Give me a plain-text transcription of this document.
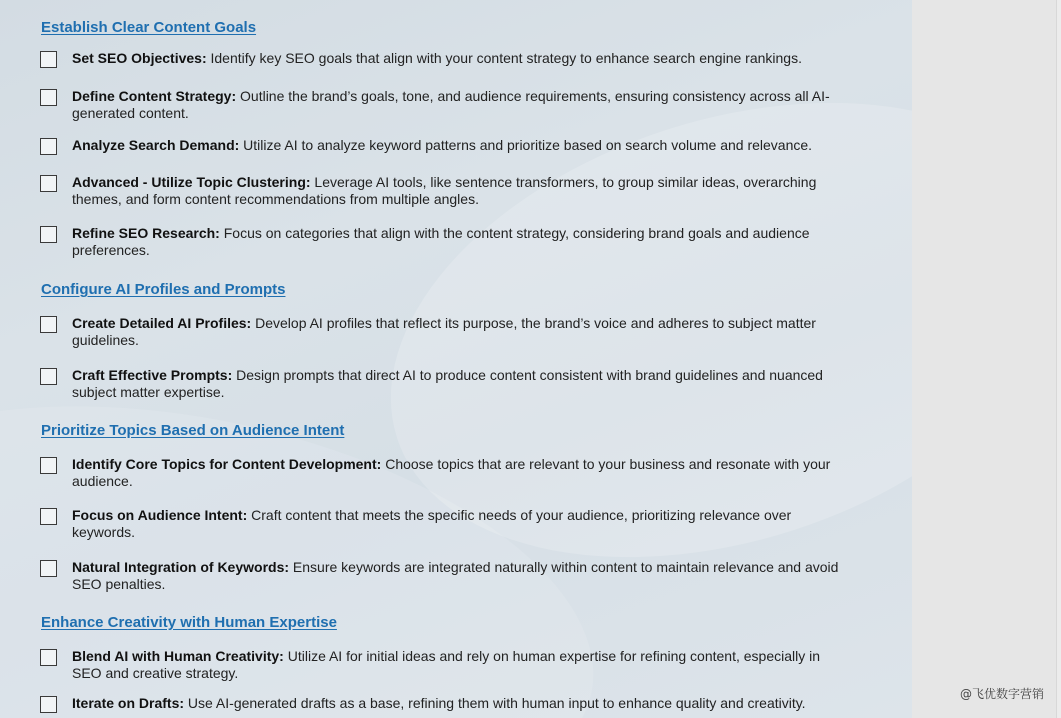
Establish Clear Content Goals
Set SEO Objectives: Identify key SEO goals that align with your content strategy to enhance search engine rankings.
Define Content Strategy: Outline the brand’s goals, tone, and audience requirements, ensuring consistency across all AI-generated content.
Analyze Search Demand: Utilize AI to analyze keyword patterns and prioritize based on search volume and relevance.
Advanced - Utilize Topic Clustering: Leverage AI tools, like sentence transformers, to group similar ideas, overarching themes, and form content recommendations from multiple angles.
Refine SEO Research: Focus on categories that align with the content strategy, considering brand goals and audience preferences.
Configure AI Profiles and Prompts
Create Detailed AI Profiles: Develop AI profiles that reflect its purpose, the brand’s voice and adheres to subject matter guidelines.
Craft Effective Prompts: Design prompts that direct AI to produce content consistent with brand guidelines and nuanced subject matter expertise.
Prioritize Topics Based on Audience Intent
Identify Core Topics for Content Development: Choose topics that are relevant to your business and resonate with your audience.
Focus on Audience Intent: Craft content that meets the specific needs of your audience, prioritizing relevance over keywords.
Natural Integration of Keywords: Ensure keywords are integrated naturally within content to maintain relevance and avoid SEO penalties.
Enhance Creativity with Human Expertise
Blend AI with Human Creativity: Utilize AI for initial ideas and rely on human expertise for refining content, especially in SEO and creative strategy.
Iterate on Drafts: Use AI-generated drafts as a base, refining them with human input to enhance quality and creativity.
@飞优数字营销
